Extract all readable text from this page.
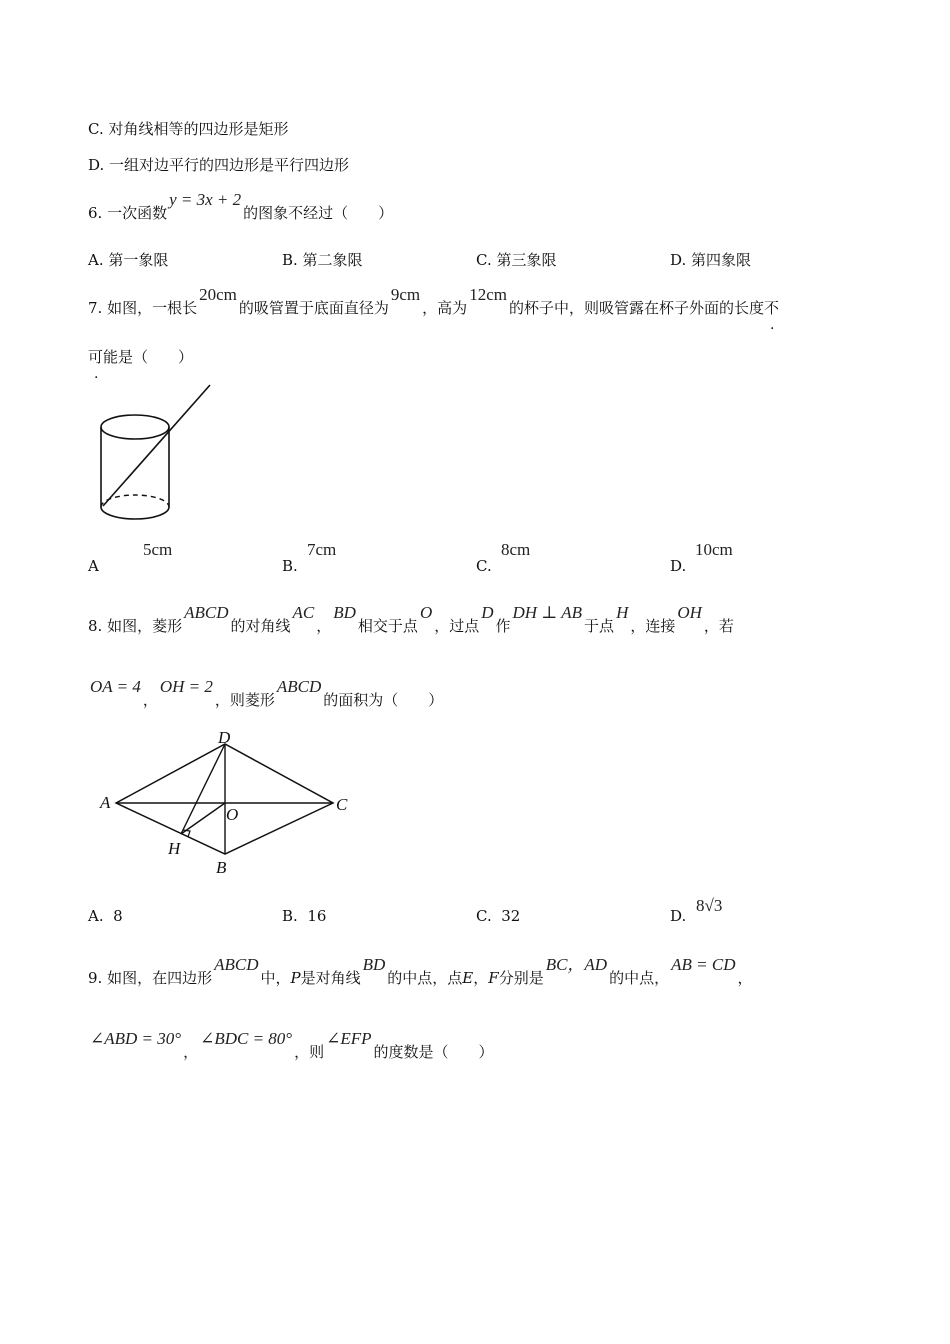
C. 对角线相等的四边形是矩形
D. 一组对边平行的四边形是平行四边形
6. 一次函数y = 3x + 2的图象不经过（　　）
A. 第一象限	B. 第二象限	C. 第三象限	D. 第四象限
7. 如图，一根长20cm的吸管置于底面直径为9cm，高为12cm的杯子中，则吸管露在杯子外面的长度不
可能是（　　）
A
5cm
B.
7cm
C.
8cm
D.
10cm
8. 如图，菱形ABCD的对角线AC，BD相交于点O，过点D作DH ⊥ AB于点H，连接OH，若
OA = 4，OH = 2，则菱形ABCD的面积为（　　）
D
A	C
O
H
B
A. 8	B. 16	C. 32	D.
8√3
9. 如图，在四边形ABCD中，P是对角线BD的中点，点E，F分别是BC，AD的中点，AB = CD，
∠ABD = 30°，∠BDC = 80°，则∠EFP的度数是（　　）
